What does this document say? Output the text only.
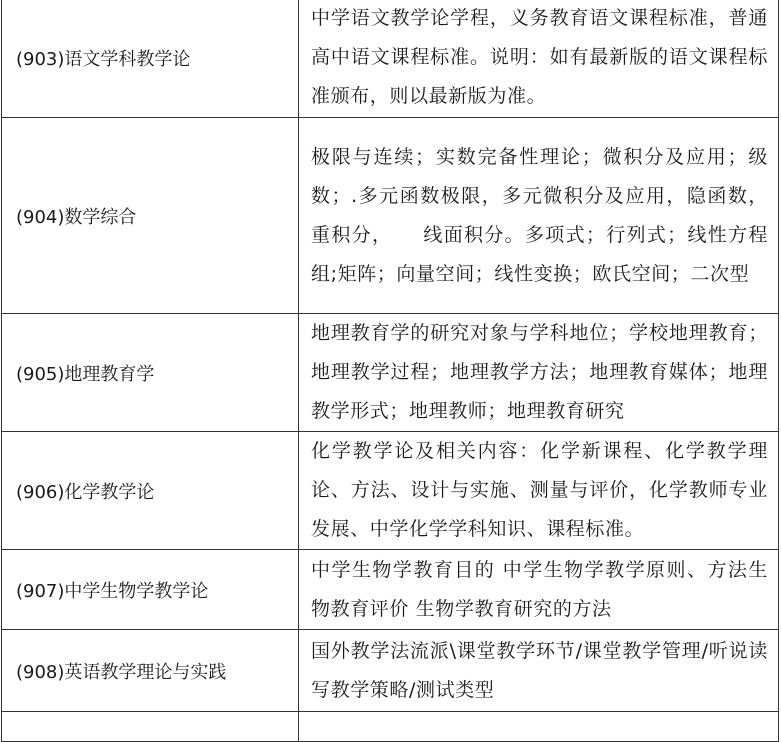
(903)语文学科教学论	中学语文教学论学程，义务教育语文课程标准，普通高中语文课程标准。说明：如有最新版的语文课程标准颁布，则以最新版为准。
(904)数学综合	极限与连续；实数完备性理论；微积分及应用；级数；.多元函数极限，多元微积分及应用，隐函数，重积分，　　线面积分。多项式；行列式；线性方程组;矩阵；向量空间；线性变换；欧氏空间；二次型
(905)地理教育学	地理教育学的研究对象与学科地位；学校地理教育；地理教学过程；地理教学方法；地理教育媒体；地理教学形式；地理教师；地理教育研究
(906)化学教学论	化学教学论及相关内容：化学新课程、化学教学理论、方法、设计与实施、测量与评价，化学教师专业发展、中学化学学科知识、课程标准。
(907)中学生物学教学论	中学生物学教育目的 中学生物学教学原则、方法生物教育评价 生物学教育研究的方法
(908)英语教学理论与实践	国外教学法流派\课堂教学环节/课堂教学管理/听说读写教学策略/测试类型
